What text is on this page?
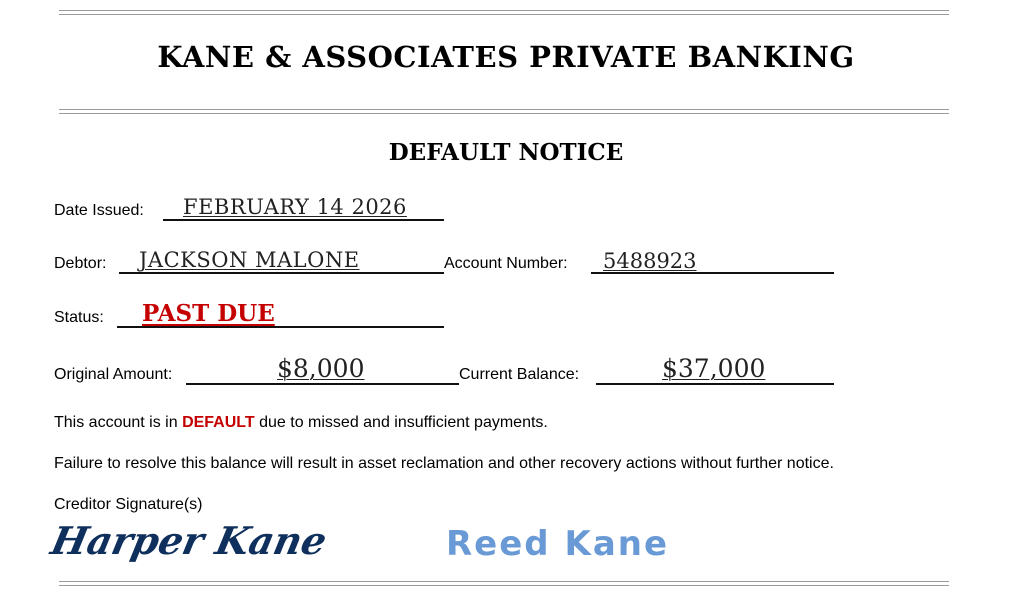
KANE & ASSOCIATES PRIVATE BANKING
DEFAULT NOTICE
Date Issued: FEBRUARY 14 2026
Debtor: JACKSON MALONE	Account Number: 5488923
Status: PAST DUE
Original Amount:	$8,000	Current Balance:	$37,000
This account is in DEFAULT due to missed and insufficient payments.
Failure to resolve this balance will result in asset reclamation and other recovery actions without further notice.
Creditor Signature(s)
Harper Kane	Reed Kane
